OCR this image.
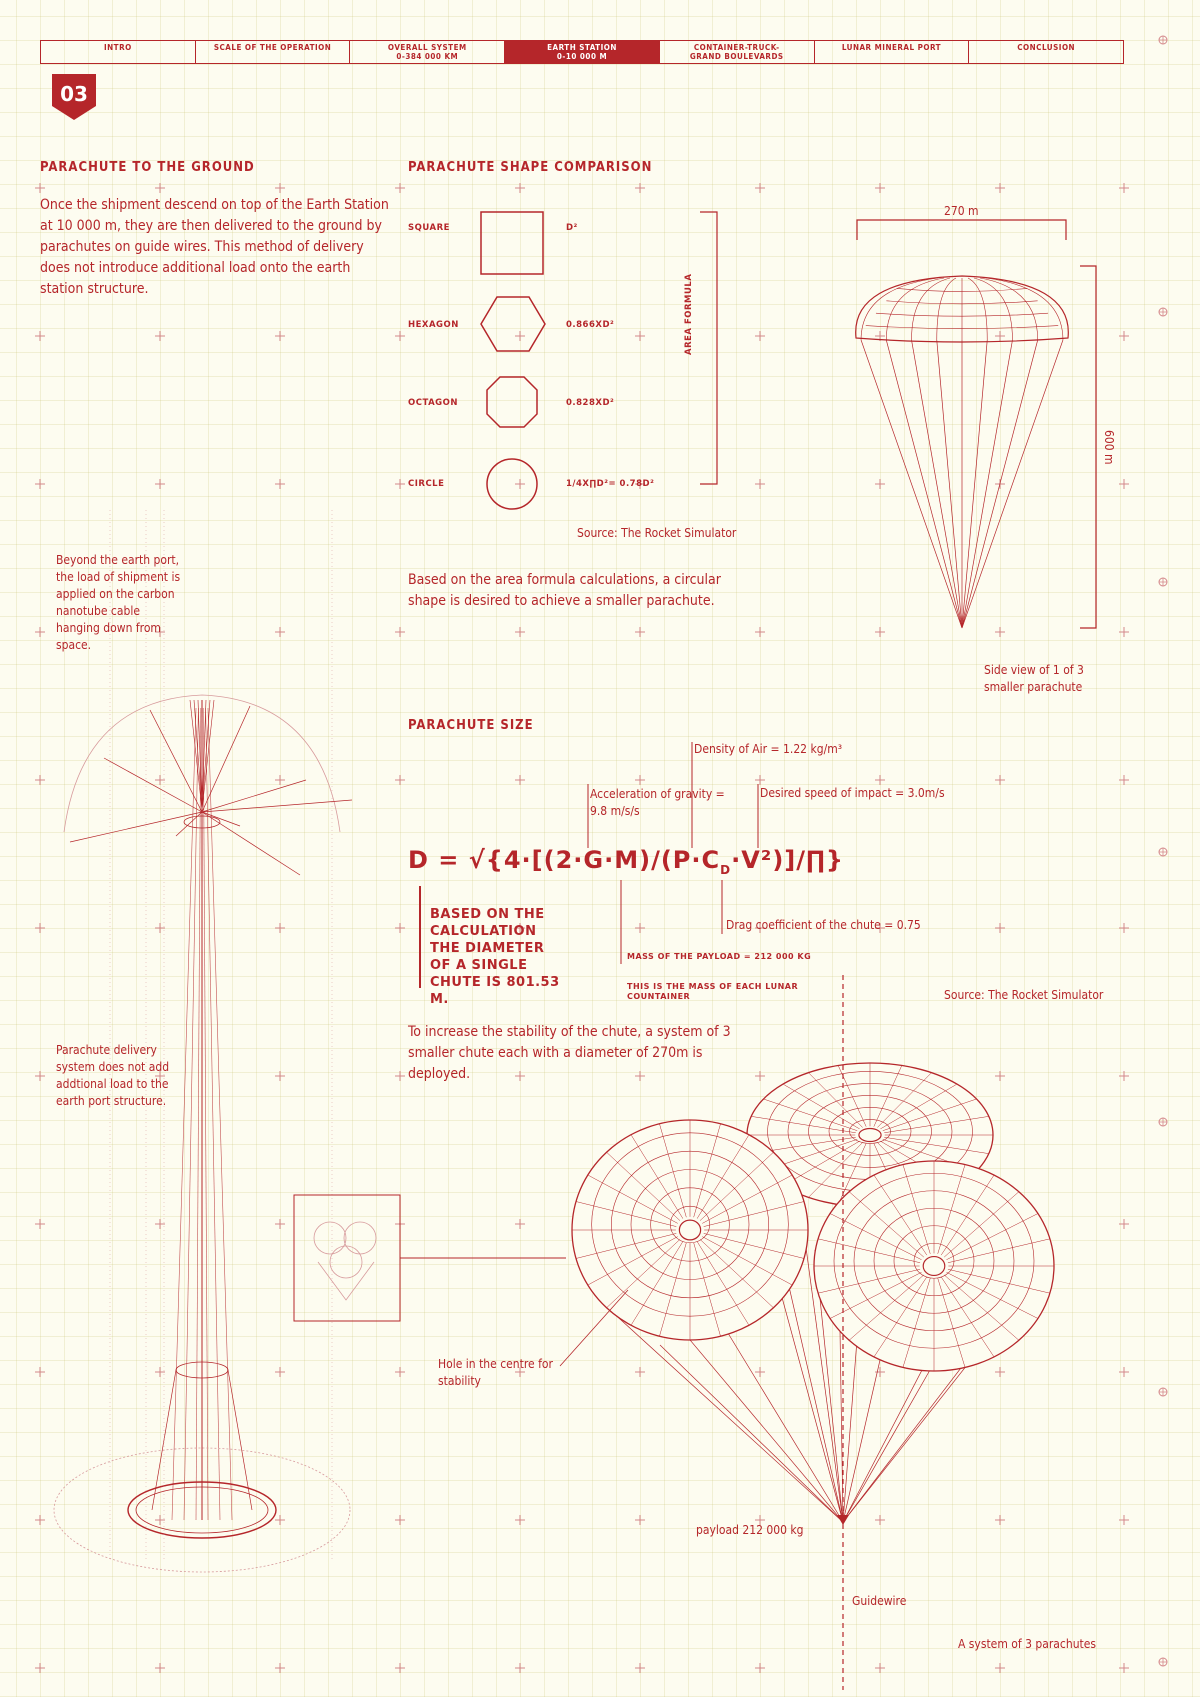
INTRO	SCALE OF THE OPERATION	OVERALL SYSTEM
0-384 000 KM
EARTH STATION
0-10 000 M
CONTAINER-TRUCK-
GRAND BOULEVARDS
LUNAR MINERAL PORT	CONCLUSION
03
PARACHUTE TO THE GROUND
Once the shipment descend on top of the Earth Station at 10 000 m, they are then delivered to the ground by parachutes on guide wires. This method of delivery does not introduce additional load onto the earth station structure.
PARACHUTE SHAPE COMPARISON
SQUARE	D²
HEXAGON	0.866XD²
OCTAGON	0.828XD²
CIRCLE	1/4X∏D²= 0.78D²
AREA FORMULA
Source: The Rocket Simulator
Based on the area formula calculations, a circular shape is desired to achieve a smaller parachute.
270 m
600 m
Side view of 1 of 3 smaller parachute
Beyond the earth port, the load of shipment is applied on the carbon nanotube cable hanging down from space.
Parachute delivery system does not add addtional load to the earth port structure.
PARACHUTE SIZE
Density of Air = 1.22 kg/m³
Acceleration of gravity = 9.8 m/s/s
Desired speed of impact = 3.0m/s
$D = √\{4\cdot[(2\cdot G\cdot M)/(P\cdot C_D\cdot V^2)]/\prod\}$
BASED ON THE CALCULATION THE DIAMETER OF A SINGLE CHUTE IS 801.53 M.
Drag coefficient of the chute = 0.75
MASS OF THE PAYLOAD = 212 000 KG
THIS IS THE MASS OF EACH LUNAR COUNTAINER	Source: The Rocket Simulator
To increase the stability of the chute, a system of 3 smaller chute each with a diameter of 270m is deployed.
Hole in the centre for stability
payload 212 000 kg
Guidewire
A system of 3 parachutes
